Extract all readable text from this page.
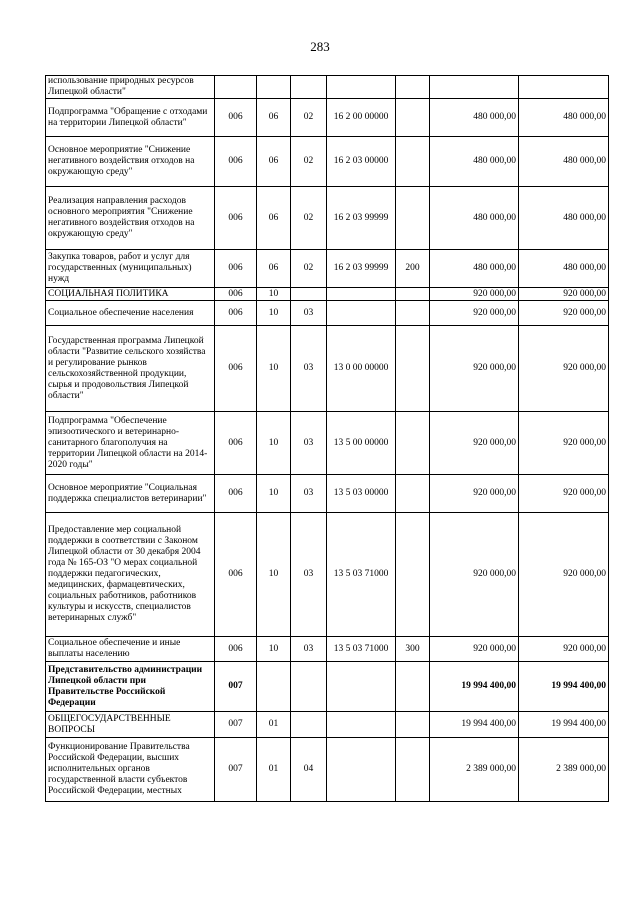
283
использование природных ресурсов Липецкой области"							
Подпрограмма "Обращение с отходами на территории Липецкой области"	006	06	02	16 2 00 00000		480 000,00	480 000,00
Основное мероприятие "Снижение негативного воздействия отходов на окружающую среду"	006	06	02	16 2 03 00000		480 000,00	480 000,00
Реализация направления расходов основного мероприятия "Снижение негативного воздействия отходов на окружающую среду"	006	06	02	16 2 03 99999		480 000,00	480 000,00
Закупка товаров, работ и услуг для государственных (муниципальных) нужд	006	06	02	16 2 03 99999	200	480 000,00	480 000,00
СОЦИАЛЬНАЯ ПОЛИТИКА	006	10				920 000,00	920 000,00
Социальное обеспечение населения	006	10	03			920 000,00	920 000,00
Государственная программа Липецкой области "Развитие сельского хозяйства и регулирование рынков сельскохозяйственной продукции, сырья и продовольствия Липецкой области"	006	10	03	13 0 00 00000		920 000,00	920 000,00
Подпрограмма "Обеспечение эпизоотического и ветеринарно-санитарного благополучия на территории Липецкой области на 2014-2020 годы"	006	10	03	13 5 00 00000		920 000,00	920 000,00
Основное мероприятие "Социальная поддержка специалистов ветеринарии"	006	10	03	13 5 03 00000		920 000,00	920 000,00
Предоставление мер социальной поддержки в соответствии с Законом Липецкой области от 30 декабря 2004 года № 165-ОЗ "О мерах социальной поддержки педагогических, медицинских, фармацевтических, социальных работников, работников культуры и искусств, специалистов ветеринарных служб"	006	10	03	13 5 03 71000		920 000,00	920 000,00
Социальное обеспечение и иные выплаты населению	006	10	03	13 5 03 71000	300	920 000,00	920 000,00
Представительство администрации Липецкой области при Правительстве Российской Федерации	007					19 994 400,00	19 994 400,00
ОБЩЕГОСУДАРСТВЕННЫЕ ВОПРОСЫ	007	01				19 994 400,00	19 994 400,00
Функционирование Правительства Российской Федерации, высших исполнительных органов государственной власти субъектов Российской Федерации, местных	007	01	04			2 389 000,00	2 389 000,00
